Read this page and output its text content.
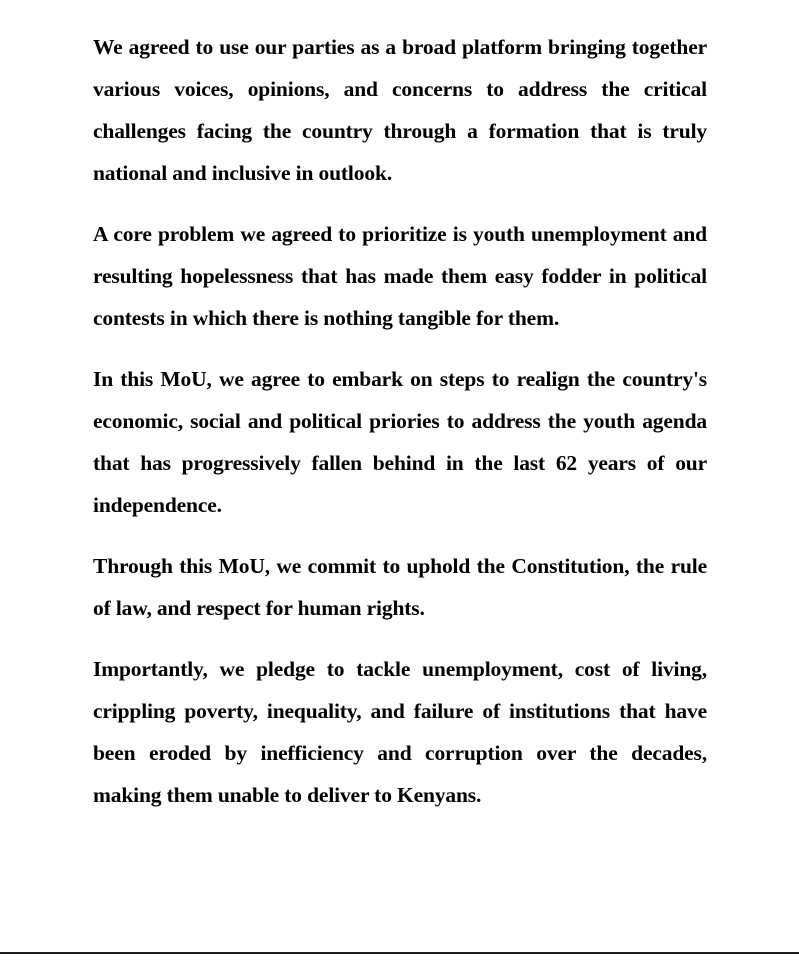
We agreed to use our parties as a broad platform bringing together various voices, opinions, and concerns to address the critical challenges facing the country through a formation that is truly national and inclusive in outlook.

A core problem we agreed to prioritize is youth unemployment and resulting hopelessness that has made them easy fodder in political contests in which there is nothing tangible for them.

In this MoU, we agree to embark on steps to realign the country's economic, social and political priories to address the youth agenda that has progressively fallen behind in the last 62 years of our independence.

Through this MoU, we commit to uphold the Constitution, the rule of law, and respect for human rights.

Importantly, we pledge to tackle unemployment, cost of living, crippling poverty, inequality, and failure of institutions that have been eroded by inefficiency and corruption over the decades, making them unable to deliver to Kenyans.
